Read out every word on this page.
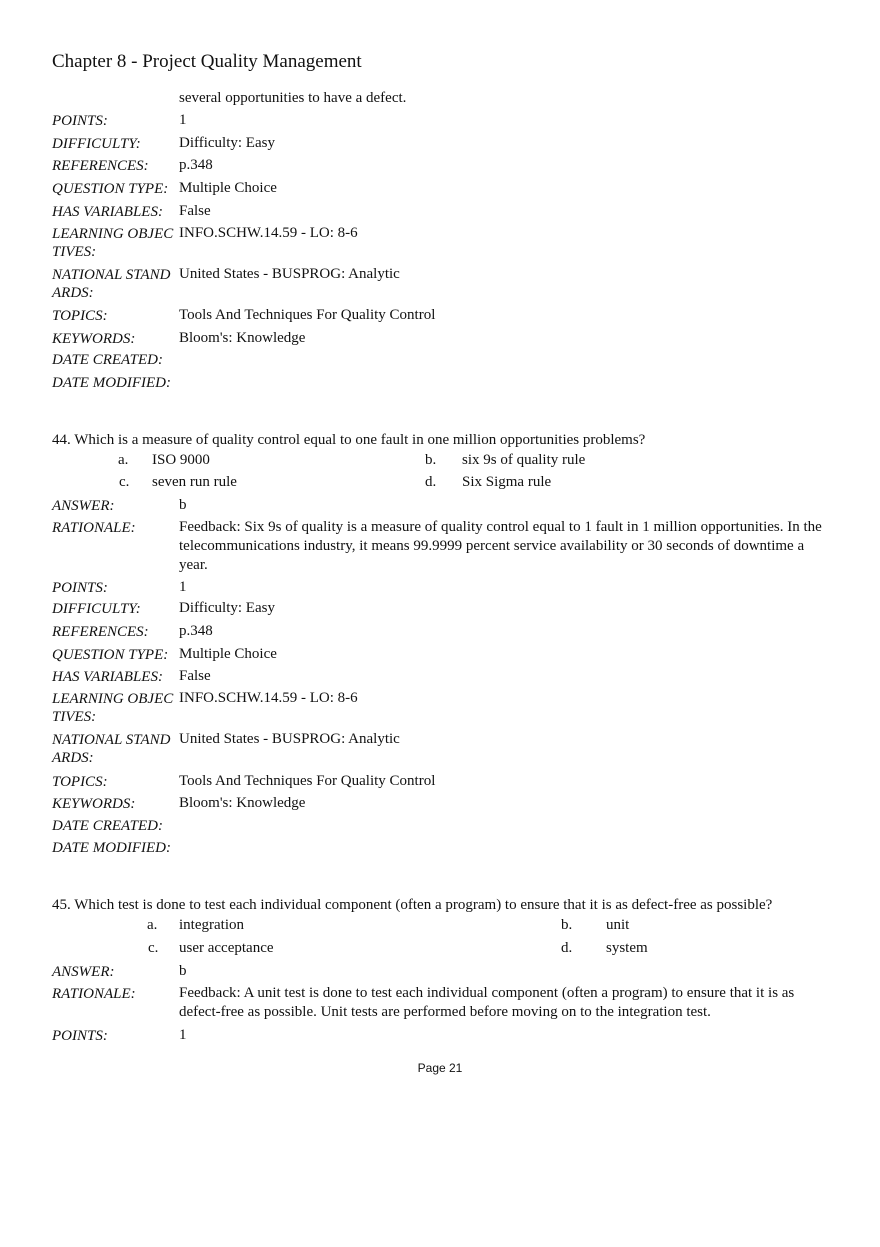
Chapter 8 - Project Quality Management
several opportunities to have a defect.
POINTS:	1
DIFFICULTY:	Difficulty: Easy
REFERENCES: p.348
QUESTION TYPE: Multiple Choice
HAS VARIABLES: False
LEARNING OBJECTIVES:
INFO.SCHW.14.59 - LO: 8-6
NATIONAL STANDARDS:
United States - BUSPROG: Analytic
TOPICS:	Tools And Techniques For Quality Control
KEYWORDS:	Bloom's: Knowledge
DATE CREATED:
DATE MODIFIED:
44. Which is a measure of quality control equal to one fault in one million opportunities problems?
a. ISO 9000	b. six 9s of quality rule
c. seven run rule	d. Six Sigma rule
ANSWER:	b
RATIONALE:	Feedback: Six 9s of quality is a measure of quality control equal to 1 fault in 1 million opportunities. In the telecommunications industry, it means 99.9999 percent service availability or 30 seconds of downtime a year.
POINTS:	1
DIFFICULTY:	Difficulty: Easy
REFERENCES: p.348
QUESTION TYPE: Multiple Choice
HAS VARIABLES: False
LEARNING OBJECTIVES:
INFO.SCHW.14.59 - LO: 8-6
NATIONAL STANDARDS:
United States - BUSPROG: Analytic
TOPICS:	Tools And Techniques For Quality Control
KEYWORDS:	Bloom's: Knowledge
DATE CREATED:
DATE MODIFIED:
45. Which test is done to test each individual component (often a program) to ensure that it is as defect-free as possible?
a. integration	b. unit
c. user acceptance	d. system
ANSWER:	b
RATIONALE:	Feedback: A unit test is done to test each individual component (often a program) to ensure that it is as defect-free as possible. Unit tests are performed before moving on to the integration test.
POINTS:	1
Page 21
